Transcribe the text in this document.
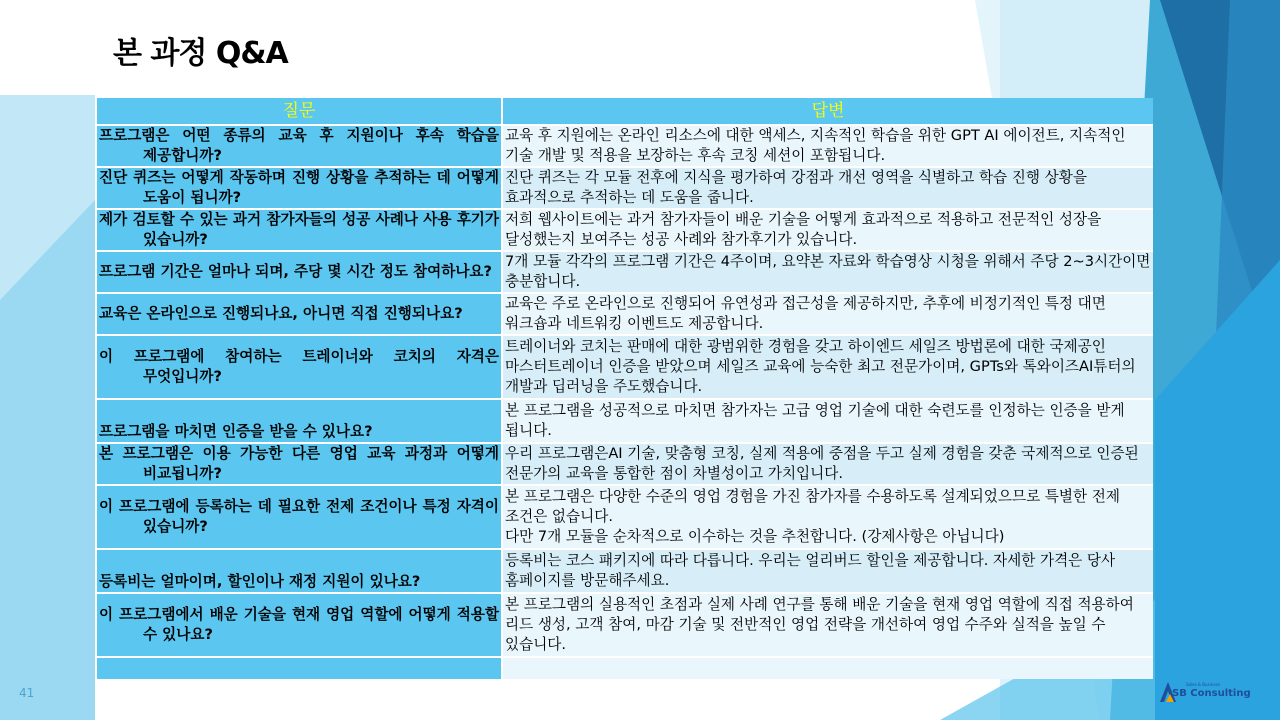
본 과정 Q&A
질문	답변

프로그램은 어떤 종류의 교육 후 지원이나 후속 학습을 제공합니까?	교육 후 지원에는 온라인 리소스에 대한 액세스, 지속적인 학습을 위한 GPT AI 에이전트, 지속적인 기술 개발 및 적용을 보장하는 후속 코칭 세션이 포함됩니다.

진단 퀴즈는 어떻게 작동하며 진행 상황을 추적하는 데 어떻게 도움이 됩니까?	진단 퀴즈는 각 모듈 전후에 지식을 평가하여 강점과 개선 영역을 식별하고 학습 진행 상황을 효과적으로 추적하는 데 도움을 줍니다.

제가 검토할 수 있는 과거 참가자들의 성공 사례나 사용 후기가 있습니까?	저희 웹사이트에는 과거 참가자들이 배운 기술을 어떻게 효과적으로 적용하고 전문적인 성장을 달성했는지 보여주는 성공 사례와 참가후기가 있습니다.

프로그램 기간은 얼마나 되며, 주당 몇 시간 정도 참여하나요?	7개 모듈 각각의 프로그램 기간은 4주이며, 요약본 자료와 학습영상 시청을 위해서 주당 2~3시간이면 충분합니다.

교육은 온라인으로 진행되나요, 아니면 직접 진행되나요?	교육은 주로 온라인으로 진행되어 유연성과 접근성을 제공하지만, 추후에 비정기적인 특정 대면 워크숍과 네트워킹 이벤트도 제공합니다.

이 프로그램에 참여하는 트레이너와 코치의 자격은 무엇입니까?	트레이너와 코치는 판매에 대한 광범위한 경험을 갖고 하이엔드 세일즈 방법론에 대한 국제공인 마스터트레이너 인증을 받았으며 세일즈 교육에 능숙한 최고 전문가이며, GPTs와 톡와이즈AI튜터의 개발과 딥러닝을 주도했습니다.

프로그램을 마치면 인증을 받을 수 있나요?	본 프로그램을 성공적으로 마치면 참가자는 고급 영업 기술에 대한 숙련도를 인정하는 인증을 받게 됩니다.

본 프로그램은 이용 가능한 다른 영업 교육 과정과 어떻게 비교됩니까?	우리 프로그램은AI 기술, 맞춤형 코칭, 실제 적용에 중점을 두고 실제 경험을 갖춘 국제적으로 인증된 전문가의 교육을 통합한 점이 차별성이고 가치입니다.

이 프로그램에 등록하는 데 필요한 전제 조건이나 특정 자격이 있습니까?	본 프로그램은 다양한 수준의 영업 경험을 가진 참가자를 수용하도록 설계되었으므로 특별한 전제 조건은 없습니다.
다만 7개 모듈을 순차적으로 이수하는 것을 추천합니다. (강제사항은 아닙니다)

등록비는 얼마이며, 할인이나 재정 지원이 있나요?	등록비는 코스 패키지에 따라 다릅니다. 우리는 얼리버드 할인을 제공합니다. 자세한 가격은 당사 홈페이지를 방문해주세요.

이 프로그램에서 배운 기술을 현재 영업 역할에 어떻게 적용할 수 있나요?	본 프로그램의 실용적인 초점과 실제 사례 연구를 통해 배운 기술을 현재 영업 역할에 직접 적용하여 리드 생성, 고객 참여, 마감 기술 및 전반적인 영업 전략을 개선하여 영업 수주와 실적을 높일 수 있습니다.

41
Sales & Business
SB Consulting
